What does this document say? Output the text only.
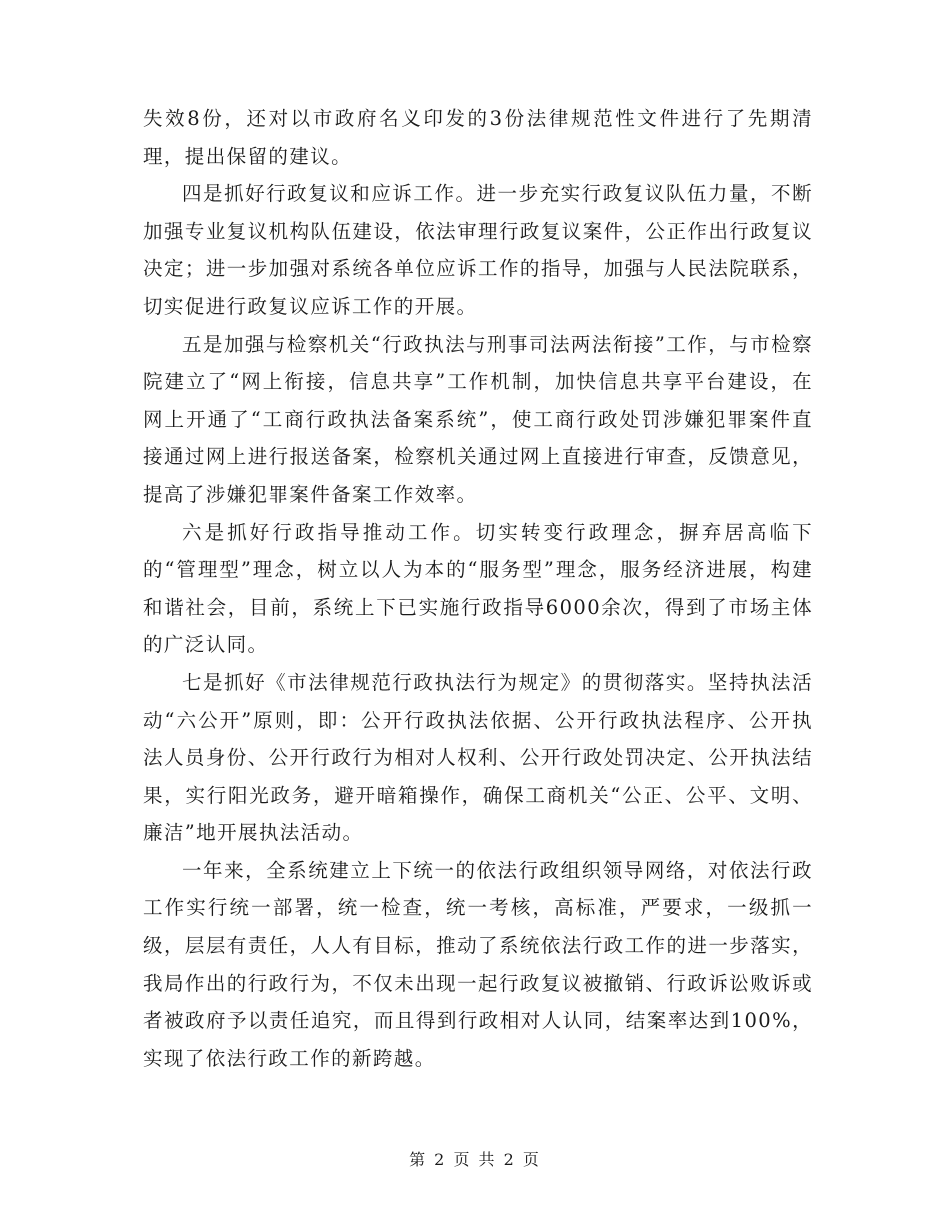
失效8份，还对以市政府名义印发的3份法律规范性文件进行了先期清理，提出保留的建议。

四是抓好行政复议和应诉工作。进一步充实行政复议队伍力量，不断加强专业复议机构队伍建设，依法审理行政复议案件，公正作出行政复议决定；进一步加强对系统各单位应诉工作的指导，加强与人民法院联系，切实促进行政复议应诉工作的开展。

五是加强与检察机关“行政执法与刑事司法两法衔接”工作，与市检察院建立了“网上衔接，信息共享”工作机制，加快信息共享平台建设，在网上开通了“工商行政执法备案系统”，使工商行政处罚涉嫌犯罪案件直接通过网上进行报送备案，检察机关通过网上直接进行审查，反馈意见，提高了涉嫌犯罪案件备案工作效率。

六是抓好行政指导推动工作。切实转变行政理念，摒弃居高临下的“管理型”理念，树立以人为本的“服务型”理念，服务经济进展，构建和谐社会，目前，系统上下已实施行政指导6000余次，得到了市场主体的广泛认同。

七是抓好《市法律规范行政执法行为规定》的贯彻落实。坚持执法活动“六公开”原则，即：公开行政执法依据、公开行政执法程序、公开执法人员身份、公开行政行为相对人权利、公开行政处罚决定、公开执法结果，实行阳光政务，避开暗箱操作，确保工商机关“公正、公平、文明、廉洁”地开展执法活动。

一年来，全系统建立上下统一的依法行政组织领导网络，对依法行政工作实行统一部署，统一检查，统一考核，高标准，严要求，一级抓一级，层层有责任，人人有目标，推动了系统依法行政工作的进一步落实，我局作出的行政行为，不仅未出现一起行政复议被撤销、行政诉讼败诉或者被政府予以责任追究，而且得到行政相对人认同，结案率达到100%，实现了依法行政工作的新跨越。

第 2 页 共 2 页
